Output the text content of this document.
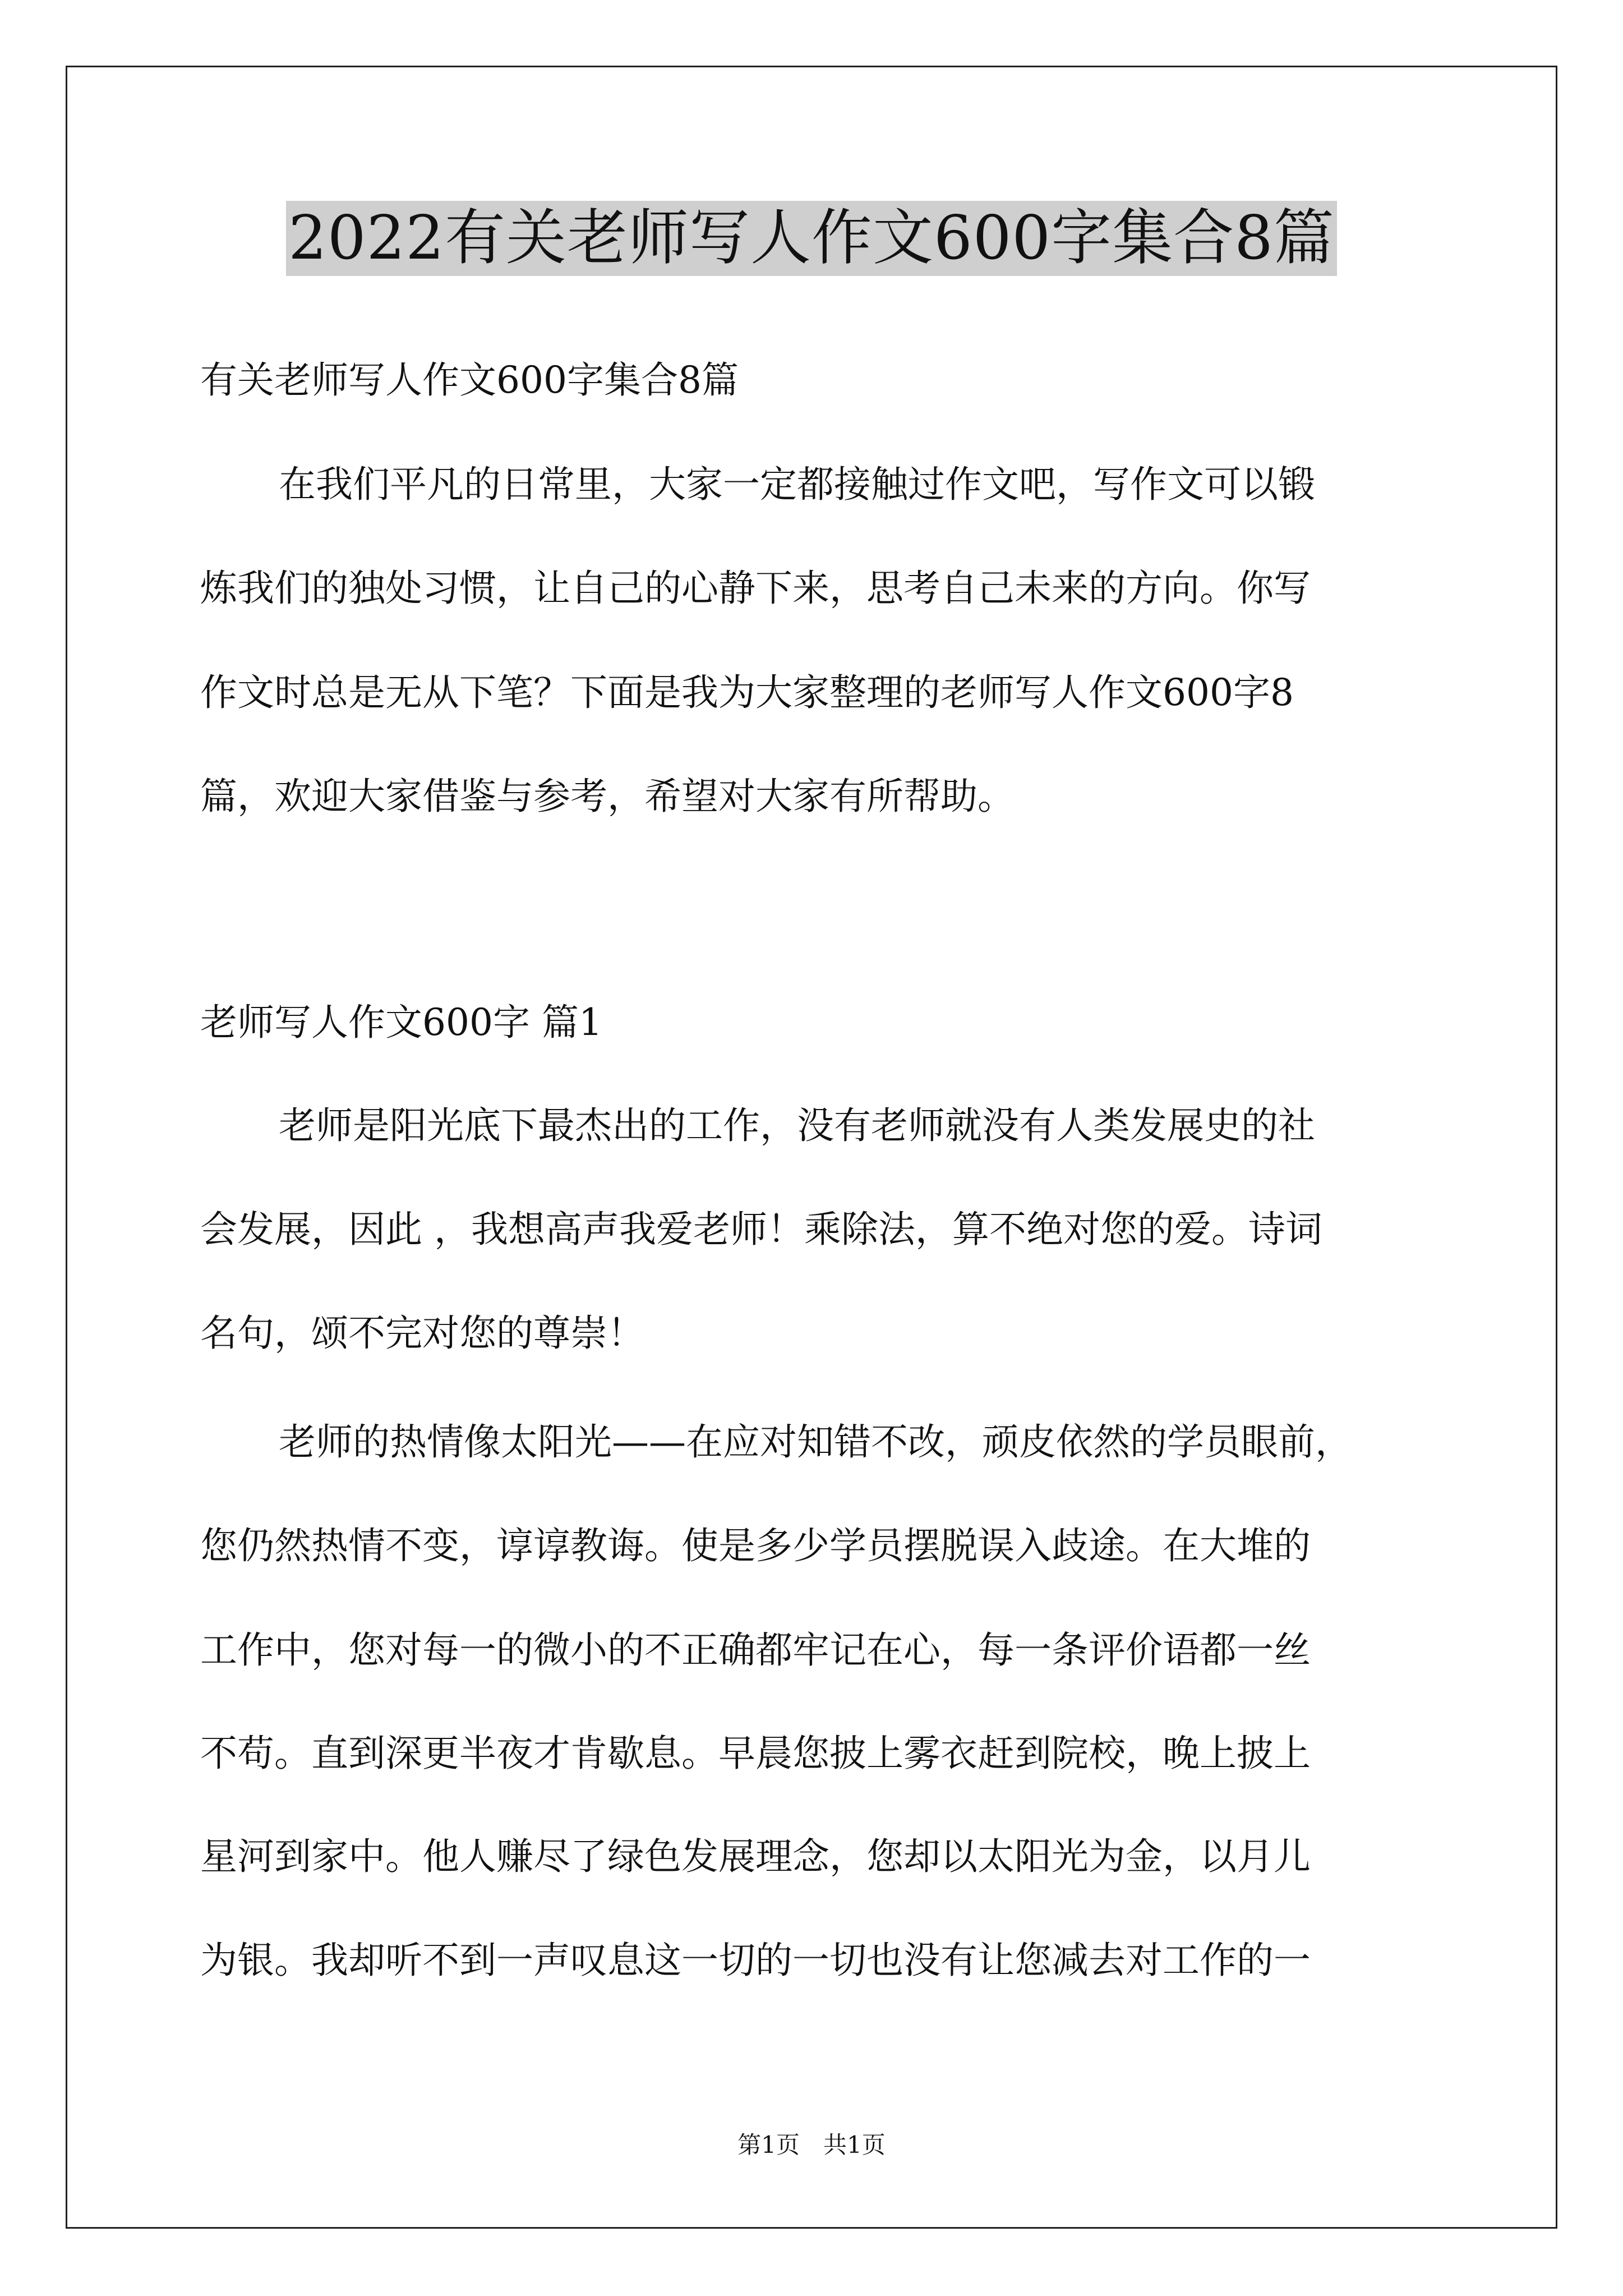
2022有关老师写人作文600字集合8篇
有关老师写人作文600字集合8篇
在我们平凡的日常里，大家一定都接触过作文吧，写作文可以锻
炼我们的独处习惯，让自己的心静下来，思考自己未来的方向。你写
作文时总是无从下笔？下面是我为大家整理的老师写人作文600字8
篇，欢迎大家借鉴与参考，希望对大家有所帮助。
老师写人作文600字 篇1
老师是阳光底下最杰出的工作，没有老师就没有人类发展史的社
会发展，因此 ，我想高声我爱老师！乘除法，算不绝对您的爱。诗词
名句，颂不完对您的尊崇！
老师的热情像太阳光——在应对知错不改，顽皮依然的学员眼前，
您仍然热情不变，谆谆教诲。使是多少学员摆脱误入歧途。在大堆的
工作中，您对每一的微小的不正确都牢记在心，每一条评价语都一丝
不苟。直到深更半夜才肯歇息。早晨您披上雾衣赶到院校，晚上披上
星河到家中。他人赚尽了绿色发展理念，您却以太阳光为金，以月儿
为银。我却听不到一声叹息这一切的一切也没有让您减去对工作的一
第1页　共1页
